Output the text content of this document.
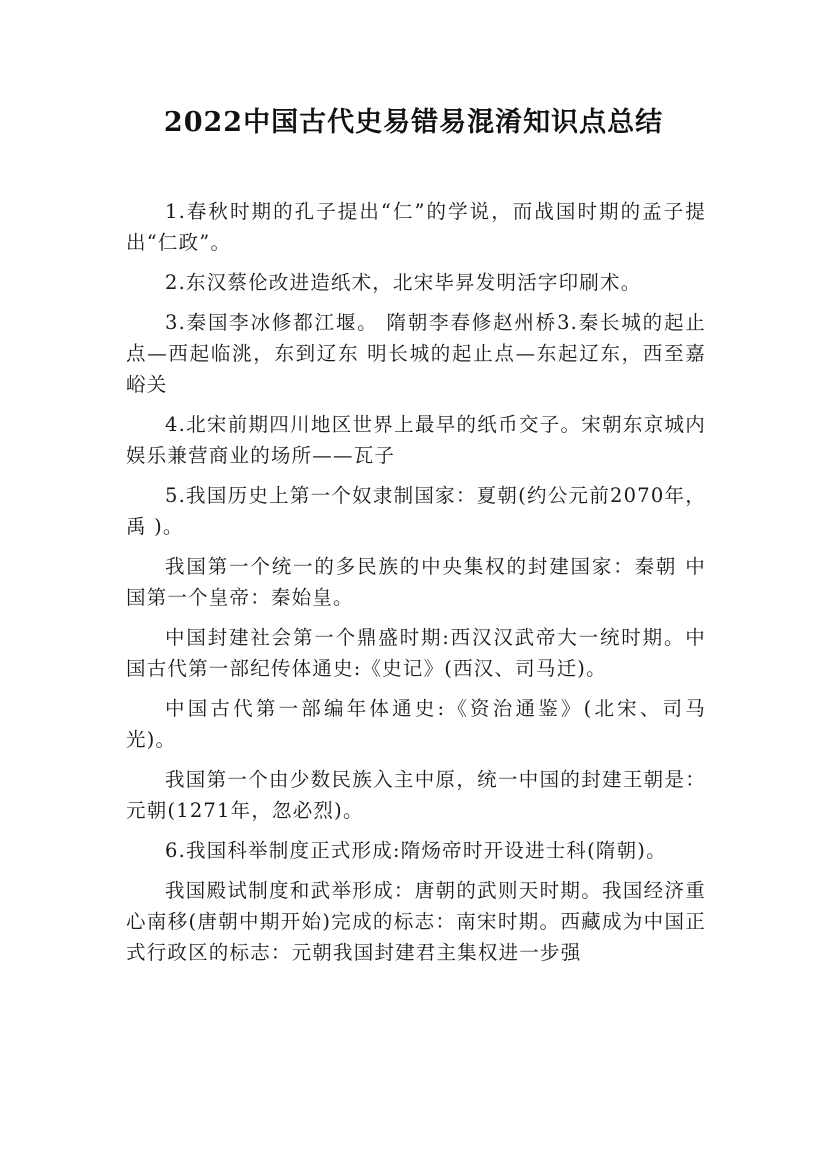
2022中国古代史易错易混淆知识点总结

1.春秋时期的孔子提出“仁”的学说，而战国时期的孟子提出“仁政”。

2.东汉蔡伦改进造纸术，北宋毕昇发明活字印刷术。

3.秦国李冰修都江堰。 隋朝李春修赵州桥3.秦长城的起止点—西起临洮，东到辽东 明长城的起止点—东起辽东，西至嘉峪关

4.北宋前期四川地区世界上最早的纸币交子。宋朝东京城内娱乐兼营商业的场所——瓦子

5.我国历史上第一个奴隶制国家：夏朝(约公元前2070年，禹 )。

我国第一个统一的多民族的中央集权的封建国家：秦朝 中国第一个皇帝：秦始皇。

中国封建社会第一个鼎盛时期:西汉汉武帝大一统时期。中国古代第一部纪传体通史:《史记》(西汉、司马迁)。

中国古代第一部编年体通史:《资治通鉴》(北宋、司马光)。

我国第一个由少数民族入主中原，统一中国的封建王朝是：元朝(1271年，忽必烈)。

6.我国科举制度正式形成:隋炀帝时开设进士科(隋朝)。

我国殿试制度和武举形成：唐朝的武则天时期。我国经济重心南移(唐朝中期开始)完成的标志：南宋时期。西藏成为中国正式行政区的标志：元朝我国封建君主集权进一步强
